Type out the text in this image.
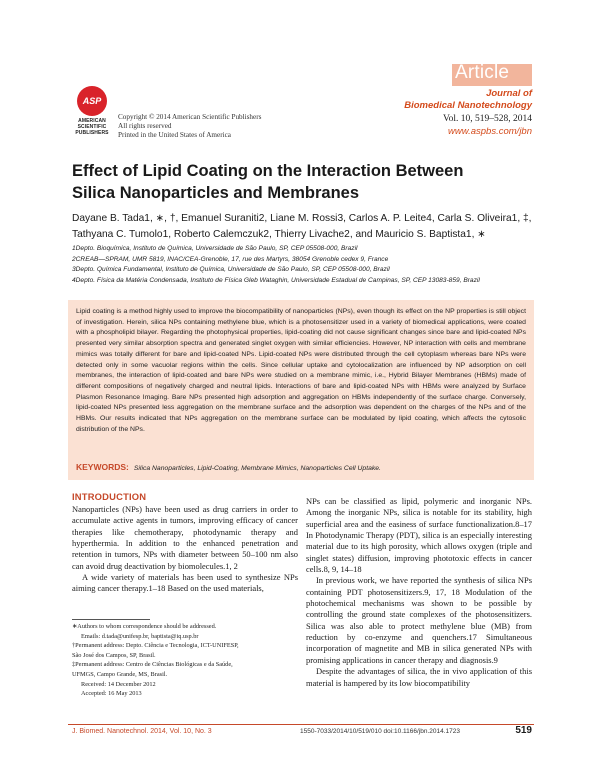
ASP
AMERICAN
SCIENTIFIC
PUBLISHERS
Copyright © 2014 American Scientific Publishers
All rights reserved
Printed in the United States of America
Article
Journal of
Biomedical Nanotechnology
Vol. 10, 519–528, 2014
www.aspbs.com/jbn
Effect of Lipid Coating on the Interaction Between
Silica Nanoparticles and Membranes
Dayane B. Tada1, ∗, †, Emanuel Suraniti2, Liane M. Rossi3, Carlos A. P. Leite4, Carla S. Oliveira1, ‡,
Tathyana C. Tumolo1, Roberto Calemczuk2, Thierry Livache2, and Mauricio S. Baptista1, ∗
1Depto. Bioquímica, Instituto de Química, Universidade de São Paulo, SP, CEP 05508-000, Brazil
2CREAB—SPRAM, UMR 5819, INAC/CEA-Grenoble, 17, rue des Martyrs, 38054 Grenoble cedex 9, France
3Depto. Química Fundamental, Instituto de Química, Universidade de São Paulo, SP, CEP 05508-000, Brazil
4Depto. Física da Matéria Condensada, Instituto de Física Gleb Wataghin, Universidade Estadual de Campinas, SP, CEP 13083-859, Brazil
Lipid coating is a method highly used to improve the biocompatibility of nanoparticles (NPs), even though its effect on the NP properties is still object of investigation. Herein, silica NPs containing methylene blue, which is a photosensitizer used in a variety of biomedical applications, were coated with a phospholipid bilayer. Regarding the photophysical properties, lipid-coating did not cause significant changes since bare and lipid-coated NPs presented very similar absorption spectra and generated singlet oxygen with similar efficiencies. However, NP interaction with cells and membrane mimics was totally different for bare and lipid-coated NPs. Lipid-coated NPs were distributed through the cell cytoplasm whereas bare NPs were detected only in some vacuolar regions within the cells. Since cellular uptake and cytolocalization are influenced by NP adsorption on cell membranes, the interaction of lipid-coated and bare NPs were studied on a membrane mimic, i.e., Hybrid Bilayer Membranes (HBMs) made of different compositions of negatively charged and neutral lipids. Interactions of bare and lipid-coated NPs with HBMs were analyzed by Surface Plasmon Resonance Imaging. Bare NPs presented high adsorption and aggregation on HBMs independently of the surface charge. Conversely, lipid-coated NPs presented less aggregation on the membrane surface and the adsorption was dependent on the charges of the NPs and of the HBMs. Our results indicated that NPs aggregation on the membrane surface can be modulated by lipid coating, which affects the cytosolic distribution of the NPs.
KEYWORDS: Silica Nanoparticles, Lipid-Coating, Membrane Mimics, Nanoparticles Cell Uptake.
INTRODUCTION

Nanoparticles (NPs) have been used as drug carriers in order to accumulate active agents in tumors, improving efficacy of cancer therapies like chemotherapy, photodynamic therapy and hyperthermia. In addition to the enhanced penetration and retention in tumors, NPs with diameter between 50–100 nm also can avoid drug deactivation by biomolecules.1, 2

A wide variety of materials has been used to synthesize NPs aiming cancer therapy.1–18 Based on the used materials,

∗Authors to whom correspondence should be addressed.
Emails: d.tada@unifesp.br, baptista@iq.usp.br
†Permanent address: Depto. Ciência e Tecnologia, ICT-UNIFESP,
São José dos Campos, SP, Brasil.
‡Permanent address: Centro de Ciências Biológicas e da Saúde,
UFMGS, Campo Grande, MS, Brasil.
Received: 14 December 2012
Accepted: 16 May 2013

NPs can be classified as lipid, polymeric and inorganic NPs. Among the inorganic NPs, silica is notable for its stability, high superficial area and the easiness of surface functionalization.8–17 In Photodynamic Therapy (PDT), silica is an especially interesting material due to its high porosity, which allows oxygen (triple and singlet states) diffusion, improving phototoxic effects in cancer cells.8, 9, 14–18

In previous work, we have reported the synthesis of silica NPs containing PDT photosensitizers.9, 17, 18 Modulation of the photochemical mechanisms was shown to be possible by controlling the ground state complexes of the photosensitizers. Silica was also able to protect methylene blue (MB) from reduction by co-enzyme and quenchers.17 Simultaneous incorporation of magnetite and MB in silica generated NPs with promising applications in cancer therapy and diagnosis.9

Despite the advantages of silica, the in vivo application of this material is hampered by its low biocompatibility

J. Biomed. Nanotechnol. 2014, Vol. 10, No. 3	1550-7033/2014/10/519/010 doi:10.1166/jbn.2014.1723	519
